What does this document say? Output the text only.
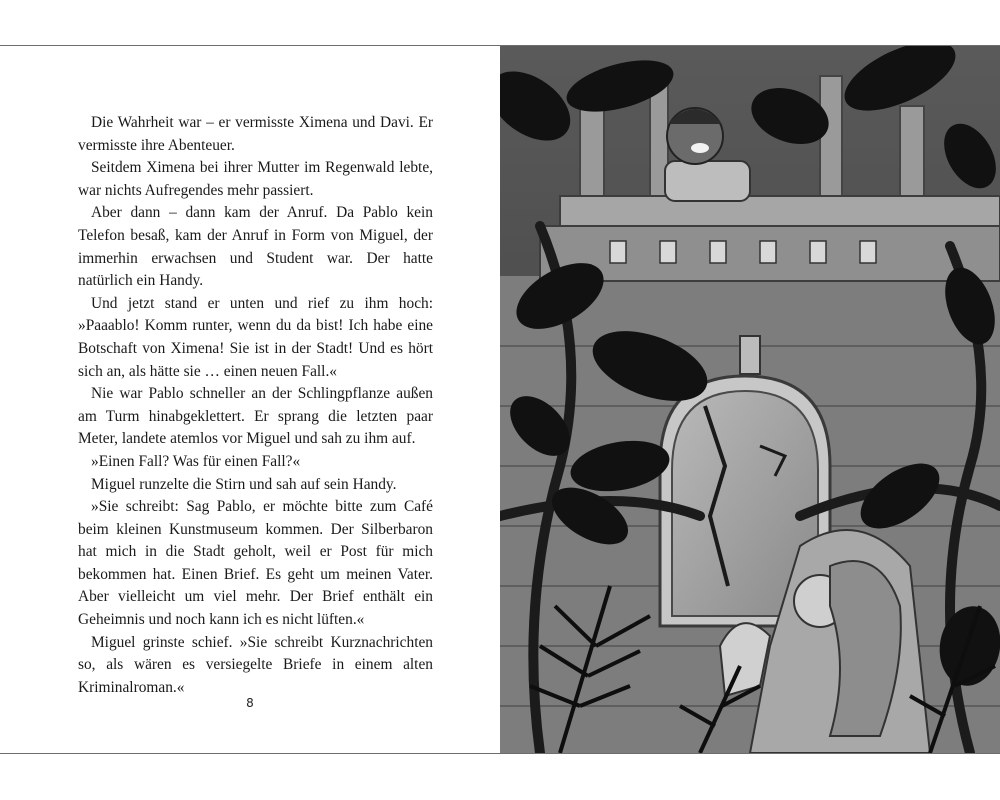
Die Wahrheit war – er vermisste Ximena und Davi. Er vermisste ihre Abenteuer.

Seitdem Ximena bei ihrer Mutter im Regenwald lebte, war nichts Aufregendes mehr passiert.

Aber dann – dann kam der Anruf. Da Pablo kein Telefon besaß, kam der Anruf in Form von Miguel, der immerhin erwachsen und Student war. Der hatte natürlich ein Handy.

Und jetzt stand er unten und rief zu ihm hoch: »Paaablo! Komm runter, wenn du da bist! Ich habe eine Botschaft von Ximena! Sie ist in der Stadt! Und es hört sich an, als hätte sie … einen neuen Fall.«

Nie war Pablo schneller an der Schlingpflanze außen am Turm hinabgeklettert. Er sprang die letzten paar Meter, landete atemlos vor Miguel und sah zu ihm auf.

»Einen Fall? Was für einen Fall?«

Miguel runzelte die Stirn und sah auf sein Handy.

»Sie schreibt: Sag Pablo, er möchte bitte zum Café beim kleinen Kunstmuseum kommen. Der Silberbaron hat mich in die Stadt geholt, weil er Post für mich bekommen hat. Einen Brief. Es geht um meinen Vater. Aber vielleicht um viel mehr. Der Brief enthält ein Geheimnis und noch kann ich es nicht lüften.«

Miguel grinste schief. »Sie schreibt Kurznachrichten so, als wären es versiegelte Briefe in einem alten Kriminalroman.«

8
